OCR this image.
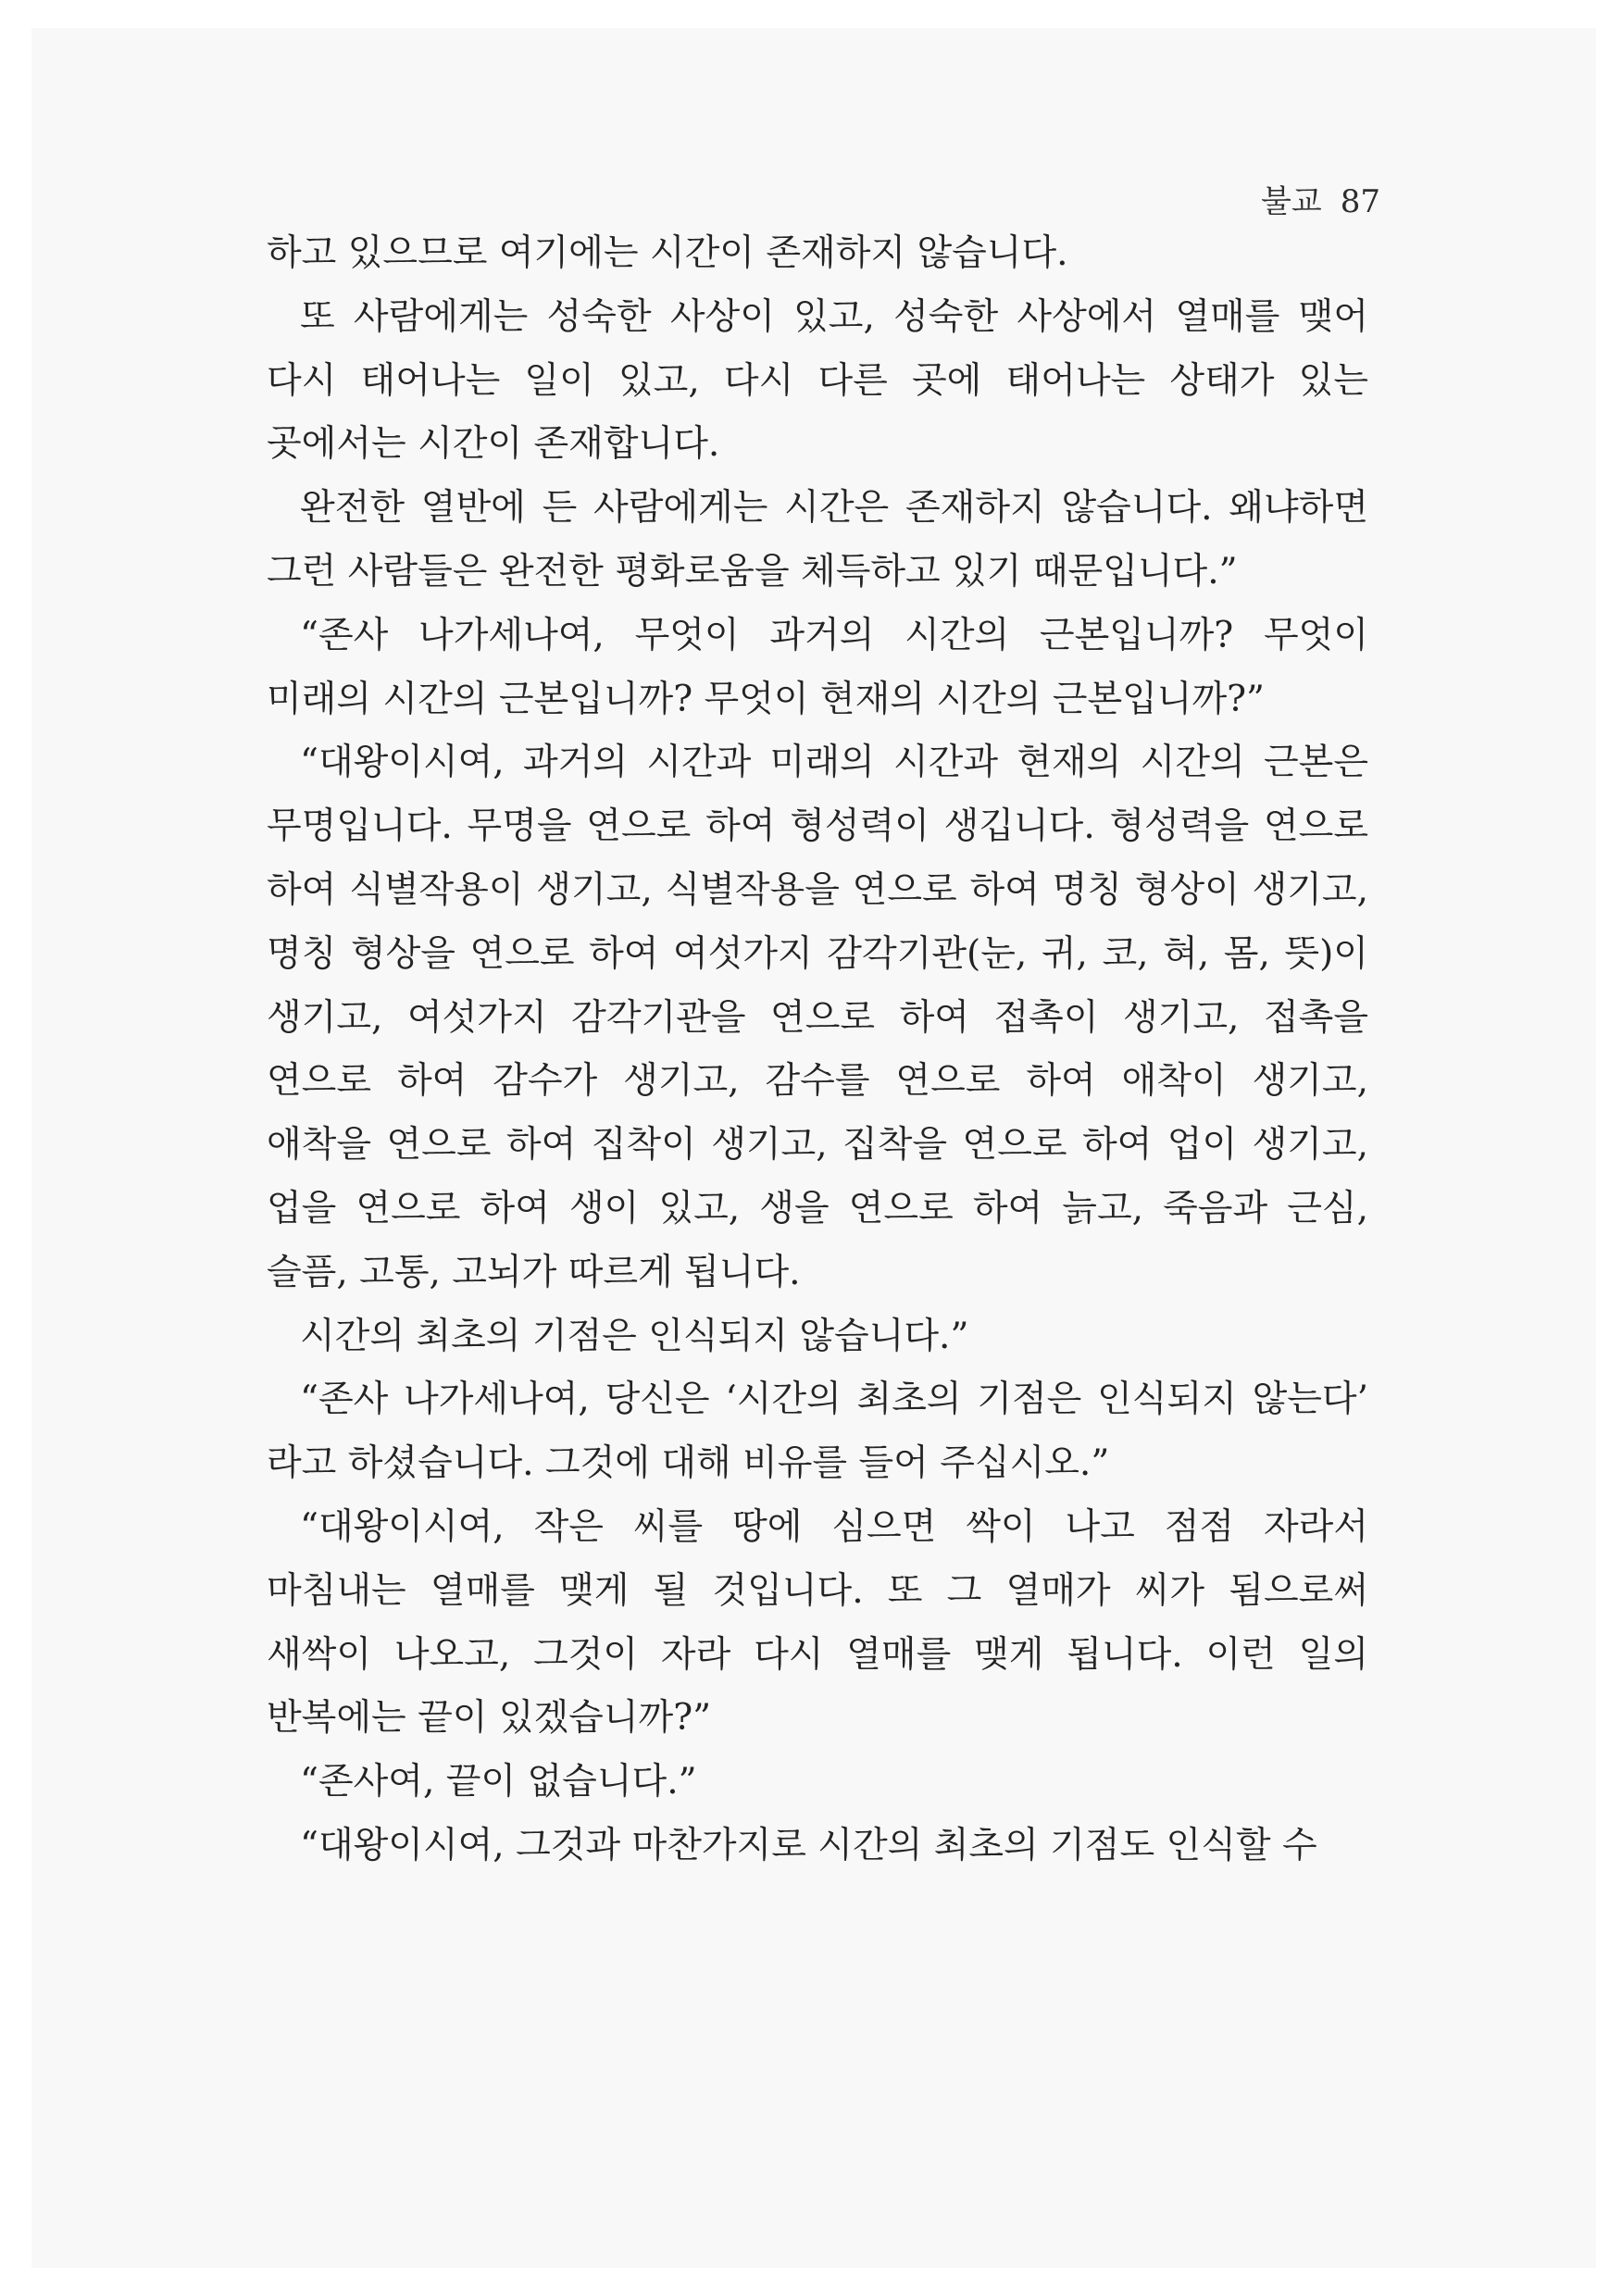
불교 87

하고 있으므로 여기에는 시간이 존재하지 않습니다.

또 사람에게는 성숙한 사상이 있고, 성숙한 사상에서 열매를 맺어 다시 태어나는 일이 있고, 다시 다른 곳에 태어나는 상태가 있는 곳에서는 시간이 존재합니다.

완전한 열반에 든 사람에게는 시간은 존재하지 않습니다. 왜냐하면 그런 사람들은 완전한 평화로움을 체득하고 있기 때문입니다.”

“존사 나가세나여, 무엇이 과거의 시간의 근본입니까? 무엇이 미래의 시간의 근본입니까? 무엇이 현재의 시간의 근본입니까?”

“대왕이시여, 과거의 시간과 미래의 시간과 현재의 시간의 근본은 무명입니다. 무명을 연으로 하여 형성력이 생깁니다. 형성력을 연으로 하여 식별작용이 생기고, 식별작용을 연으로 하여 명칭 형상이 생기고, 명칭 형상을 연으로 하여 여섯가지 감각기관(눈, 귀, 코, 혀, 몸, 뜻)이 생기고, 여섯가지 감각기관을 연으로 하여 접촉이 생기고, 접촉을 연으로 하여 감수가 생기고, 감수를 연으로 하여 애착이 생기고, 애착을 연으로 하여 집착이 생기고, 집착을 연으로 하여 업이 생기고, 업을 연으로 하여 생이 있고, 생을 연으로 하여 늙고, 죽음과 근심, 슬픔, 고통, 고뇌가 따르게 됩니다.

시간의 최초의 기점은 인식되지 않습니다.”

“존사 나가세나여, 당신은 ‘시간의 최초의 기점은 인식되지 않는다’ 라고 하셨습니다. 그것에 대해 비유를 들어 주십시오.”

“대왕이시여, 작은 씨를 땅에 심으면 싹이 나고 점점 자라서 마침내는 열매를 맺게 될 것입니다. 또 그 열매가 씨가 됨으로써 새싹이 나오고, 그것이 자라 다시 열매를 맺게 됩니다. 이런 일의 반복에는 끝이 있겠습니까?”

“존사여, 끝이 없습니다.”

“대왕이시여, 그것과 마찬가지로 시간의 최초의 기점도 인식할 수
